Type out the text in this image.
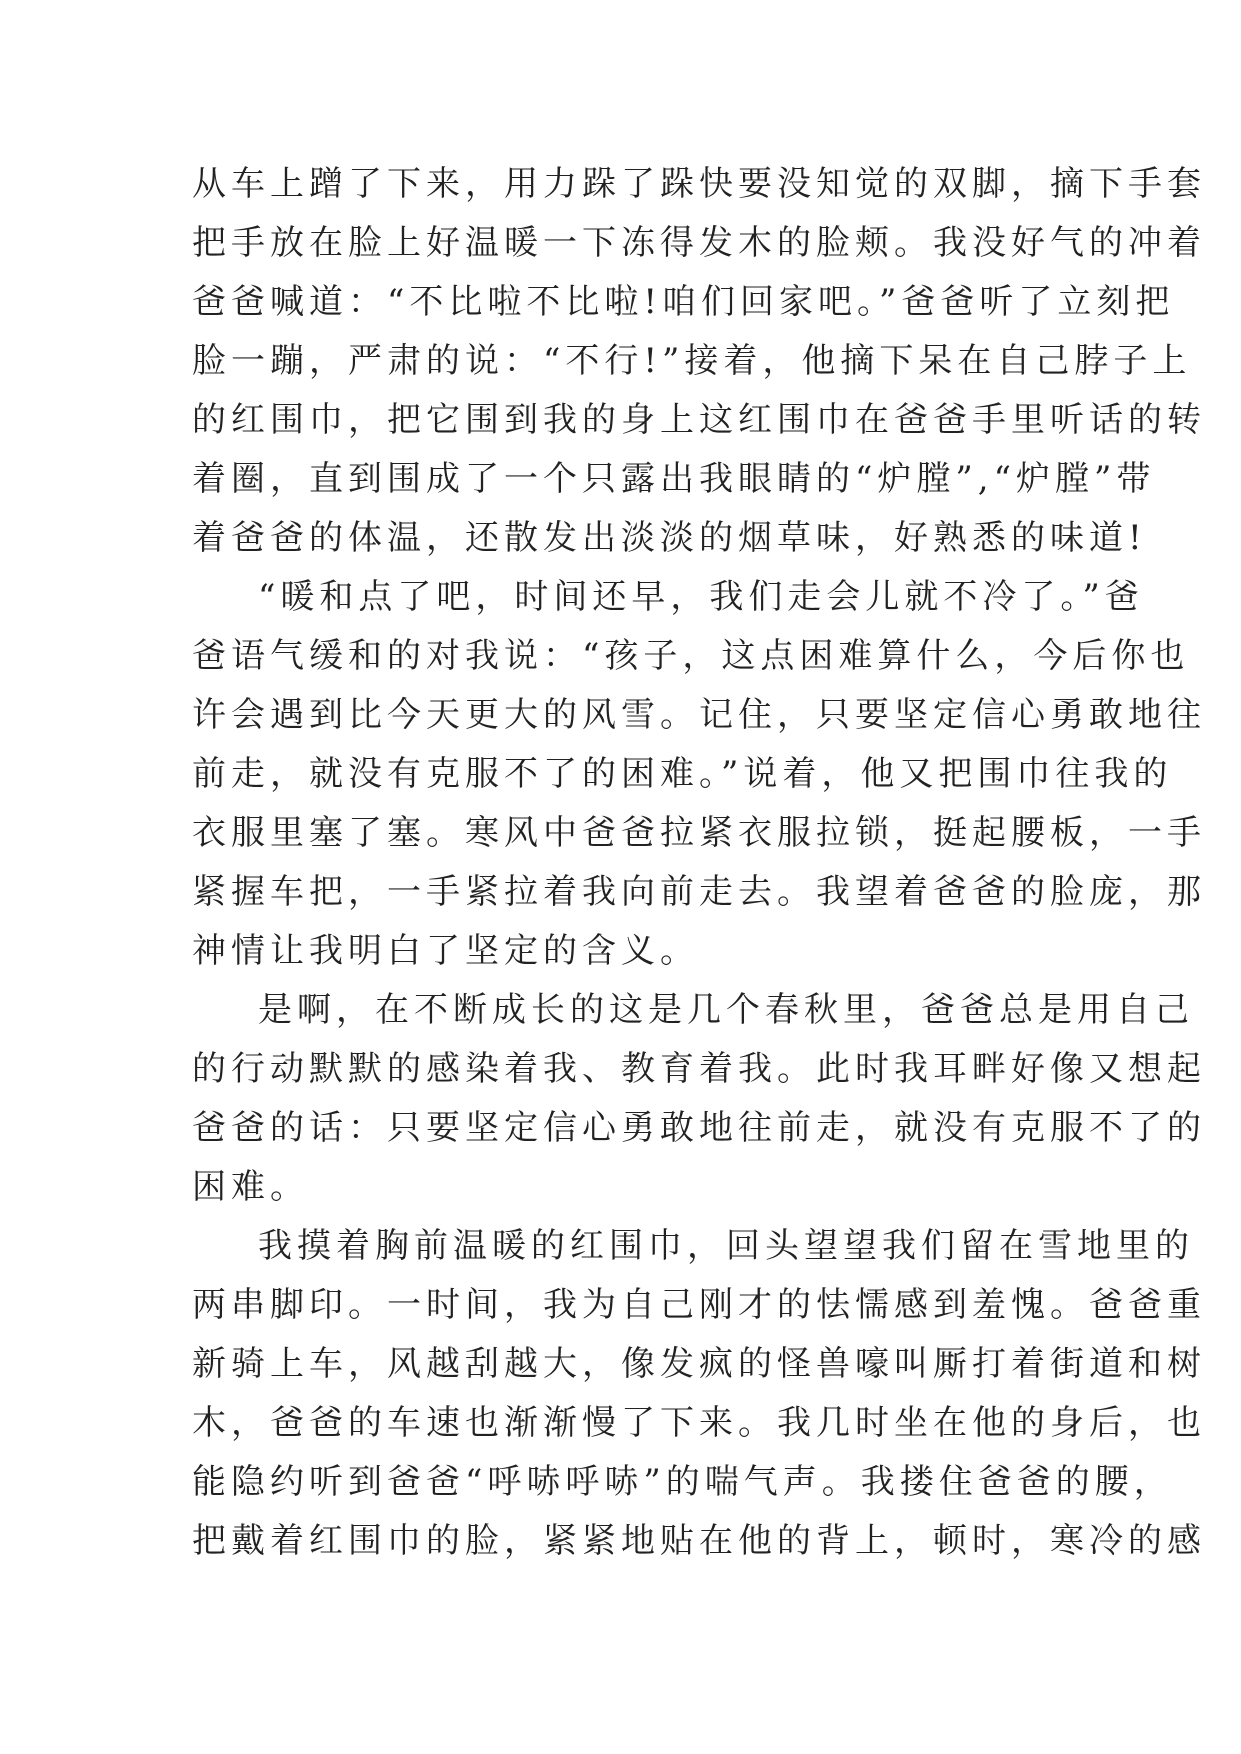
从车上蹭了下来，用力跺了跺快要没知觉的双脚，摘下手套
把手放在脸上好温暖一下冻得发木的脸颊。我没好气的冲着
爸爸喊道：“不比啦不比啦!咱们回家吧。”爸爸听了立刻把
脸一蹦，严肃的说：“不行!”接着，他摘下呆在自己脖子上
的红围巾，把它围到我的身上这红围巾在爸爸手里听话的转
着圈，直到围成了一个只露出我眼睛的“炉膛”,“炉膛”带
着爸爸的体温，还散发出淡淡的烟草味，好熟悉的味道!
“暖和点了吧，时间还早，我们走会儿就不冷了。”爸
爸语气缓和的对我说：“孩子，这点困难算什么，今后你也
许会遇到比今天更大的风雪。记住，只要坚定信心勇敢地往
前走，就没有克服不了的困难。”说着，他又把围巾往我的
衣服里塞了塞。寒风中爸爸拉紧衣服拉锁，挺起腰板，一手
紧握车把，一手紧拉着我向前走去。我望着爸爸的脸庞，那
神情让我明白了坚定的含义。
是啊，在不断成长的这是几个春秋里，爸爸总是用自己
的行动默默的感染着我、教育着我。此时我耳畔好像又想起
爸爸的话：只要坚定信心勇敢地往前走，就没有克服不了的
困难。
我摸着胸前温暖的红围巾，回头望望我们留在雪地里的
两串脚印。一时间，我为自己刚才的怯懦感到羞愧。爸爸重
新骑上车，风越刮越大，像发疯的怪兽嚎叫厮打着街道和树
木，爸爸的车速也渐渐慢了下来。我几时坐在他的身后，也
能隐约听到爸爸“呼哧呼哧”的喘气声。我搂住爸爸的腰，
把戴着红围巾的脸，紧紧地贴在他的背上，顿时，寒冷的感
